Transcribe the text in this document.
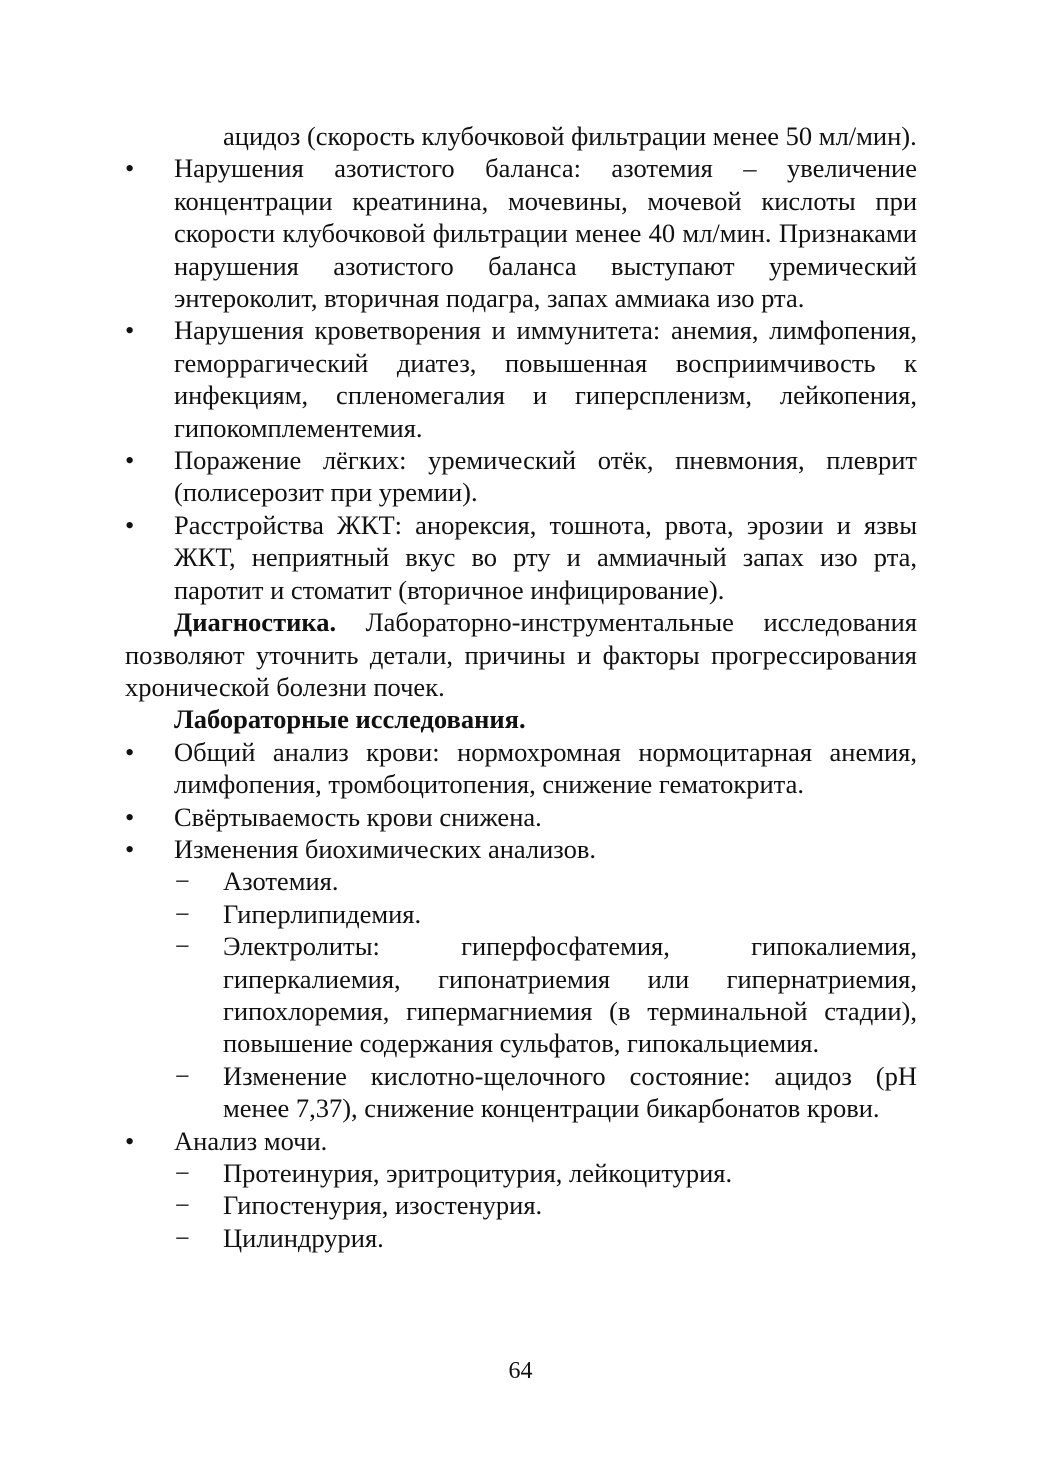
ацидоз (скорость клубочковой фильтрации менее 50 мл/мин).

• Нарушения азотистого баланса: азотемия – увеличение концентрации креатинина, мочевины, мочевой кислоты при скорости клубочковой фильтрации менее 40 мл/мин. Признаками нарушения азотистого баланса выступают уремический энтероколит, вторичная подагра, запах аммиака изо рта.
• Нарушения кроветворения и иммунитета: анемия, лимфопения, геморрагический диатез, повышенная восприимчивость к инфекциям, спленомегалия и гиперспленизм, лейкопения, гипокомплементемия.
• Поражение лёгких: уремический отёк, пневмония, плеврит (полисерозит при уремии).
• Расстройства ЖКТ: анорексия, тошнота, рвота, эрозии и язвы ЖКТ, неприятный вкус во рту и аммиачный запах изо рта, паротит и стоматит (вторичное инфицирование).

Диагностика. Лабораторно-инструментальные исследования позволяют уточнить детали, причины и факторы прогрессирования хронической болезни почек.

Лабораторные исследования.

• Общий анализ крови: нормохромная нормоцитарная анемия, лимфопения, тромбоцитопения, снижение гематокрита.
• Свёртываемость крови снижена.
• Изменения биохимических анализов.
− Азотемия.
− Гиперлипидемия.
− Электролиты: гиперфосфатемия, гипокалиемия, гиперкалиемия, гипонатриемия или гипернатриемия, гипохлоремия, гипермагниемия (в терминальной стадии), повышение содержания сульфатов, гипокальциемия.
− Изменение кислотно-щелочного состояние: ацидоз (pH менее 7,37), снижение концентрации бикарбонатов крови.
• Анализ мочи.
− Протеинурия, эритроцитурия, лейкоцитурия.
− Гипостенурия, изостенурия.
− Цилиндрурия.
64
